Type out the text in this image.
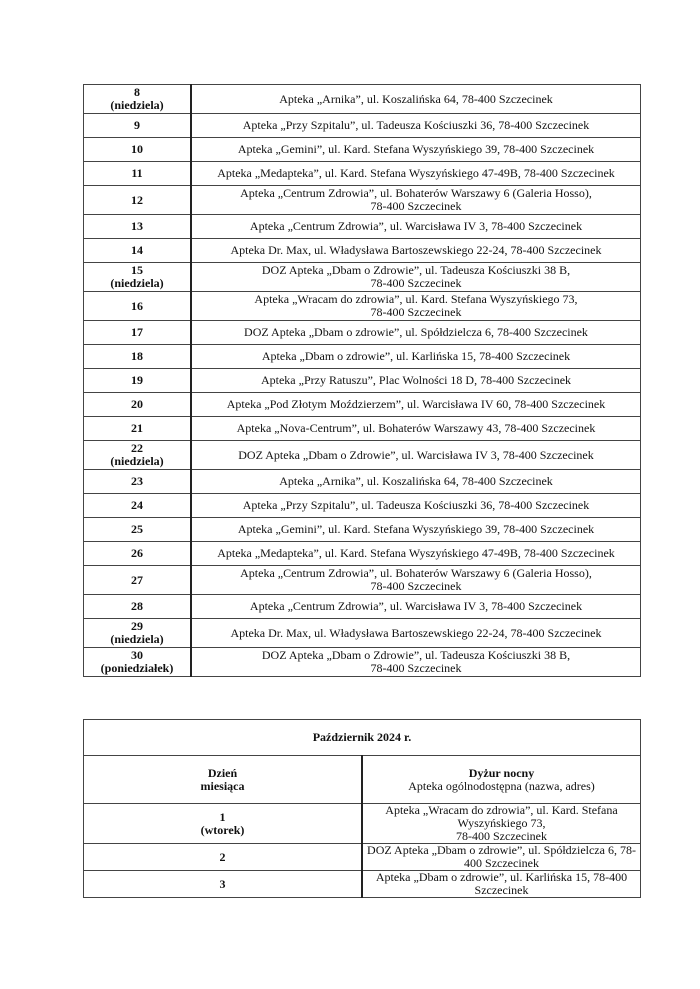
8
(niedziela)	Apteka „Arnika”, ul. Koszalińska 64, 78-400 Szczecinek

9	Apteka „Przy Szpitalu”, ul. Tadeusza Kościuszki 36, 78-400 Szczecinek

10	Apteka „Gemini”, ul. Kard. Stefana Wyszyńskiego 39, 78-400 Szczecinek

11	Apteka „Medapteka”, ul. Kard. Stefana Wyszyńskiego 47-49B, 78-400 Szczecinek

12	Apteka „Centrum Zdrowia”, ul. Bohaterów Warszawy 6 (Galeria Hosso),
78-400 Szczecinek

13	Apteka „Centrum Zdrowia”, ul. Warcisława IV 3, 78-400 Szczecinek

14	Apteka Dr. Max, ul. Władysława Bartoszewskiego 22-24, 78-400 Szczecinek

15
(niedziela)	DOZ Apteka „Dbam o Zdrowie”, ul. Tadeusza Kościuszki 38 B,
78-400 Szczecinek

16	Apteka „Wracam do zdrowia”, ul. Kard. Stefana Wyszyńskiego 73,
78-400 Szczecinek

17	DOZ Apteka „Dbam o zdrowie”, ul. Spółdzielcza 6, 78-400 Szczecinek

18	Apteka „Dbam o zdrowie”, ul. Karlińska 15, 78-400 Szczecinek

19	Apteka „Przy Ratuszu”, Plac Wolności 18 D, 78-400 Szczecinek

20	Apteka „Pod Złotym Moździerzem”, ul. Warcisława IV 60, 78-400 Szczecinek

21	Apteka „Nova-Centrum”, ul. Bohaterów Warszawy 43, 78-400 Szczecinek

22
(niedziela)	DOZ Apteka „Dbam o Zdrowie”, ul. Warcisława IV 3, 78-400 Szczecinek

23	Apteka „Arnika”, ul. Koszalińska 64, 78-400 Szczecinek

24	Apteka „Przy Szpitalu”, ul. Tadeusza Kościuszki 36, 78-400 Szczecinek

25	Apteka „Gemini”, ul. Kard. Stefana Wyszyńskiego 39, 78-400 Szczecinek

26	Apteka „Medapteka”, ul. Kard. Stefana Wyszyńskiego 47-49B, 78-400 Szczecinek

27	Apteka „Centrum Zdrowia”, ul. Bohaterów Warszawy 6 (Galeria Hosso),
78-400 Szczecinek

28	Apteka „Centrum Zdrowia”, ul. Warcisława IV 3, 78-400 Szczecinek

29
(niedziela)	Apteka Dr. Max, ul. Władysława Bartoszewskiego 22-24, 78-400 Szczecinek

30
(poniedziałek)	DOZ Apteka „Dbam o Zdrowie”, ul. Tadeusza Kościuszki 38 B,
78-400 Szczecinek
Październik 2024 r.	

Dzień
miesiąca	Dyżur nocny
Apteka ogólnodostępna (nazwa, adres)

1
(wtorek)	Apteka „Wracam do zdrowia”, ul. Kard. Stefana Wyszyńskiego 73,
78-400 Szczecinek

2	DOZ Apteka „Dbam o zdrowie”, ul. Spółdzielcza 6, 78-400 Szczecinek

3	Apteka „Dbam o zdrowie”, ul. Karlińska 15, 78-400 Szczecinek
